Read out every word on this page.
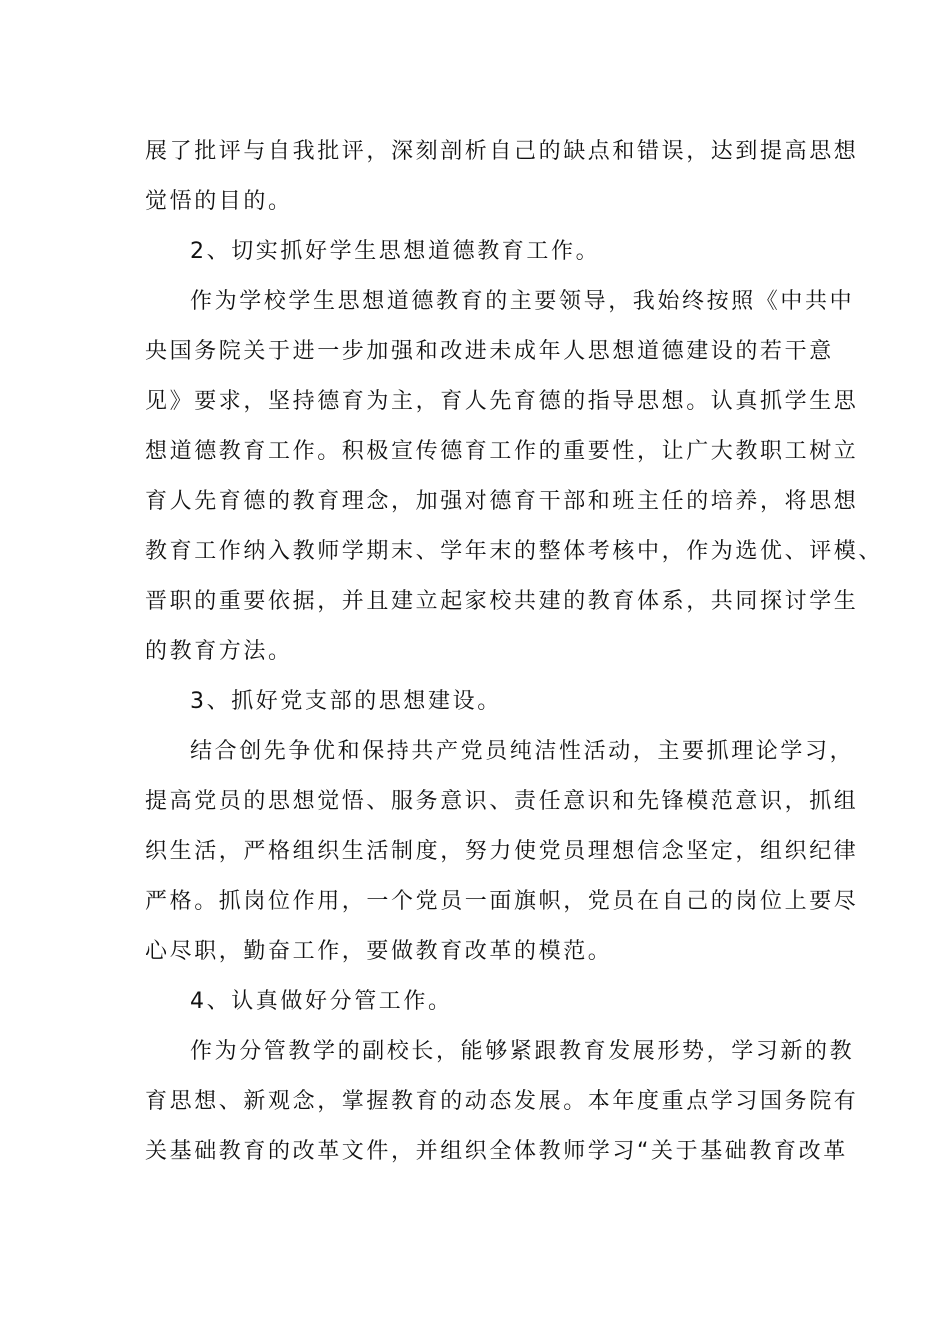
展了批评与自我批评，深刻剖析自己的缺点和错误，达到提高思想
觉悟的目的。
2、切实抓好学生思想道德教育工作。
作为学校学生思想道德教育的主要领导，我始终按照《中共中
央国务院关于进一步加强和改进未成年人思想道德建设的若干意
见》要求，坚持德育为主，育人先育德的指导思想。认真抓学生思
想道德教育工作。积极宣传德育工作的重要性，让广大教职工树立
育人先育德的教育理念，加强对德育干部和班主任的培养，将思想
教育工作纳入教师学期末、学年末的整体考核中，作为选优、评模、
晋职的重要依据，并且建立起家校共建的教育体系，共同探讨学生
的教育方法。
3、抓好党支部的思想建设。
结合创先争优和保持共产党员纯洁性活动，主要抓理论学习，
提高党员的思想觉悟、服务意识、责任意识和先锋模范意识，抓组
织生活，严格组织生活制度，努力使党员理想信念坚定，组织纪律
严格。抓岗位作用，一个党员一面旗帜，党员在自己的岗位上要尽
心尽职，勤奋工作，要做教育改革的模范。
4、认真做好分管工作。
作为分管教学的副校长，能够紧跟教育发展形势，学习新的教
育思想、新观念，掌握教育的动态发展。本年度重点学习国务院有
关基础教育的改革文件，并组织全体教师学习“关于基础教育改革
